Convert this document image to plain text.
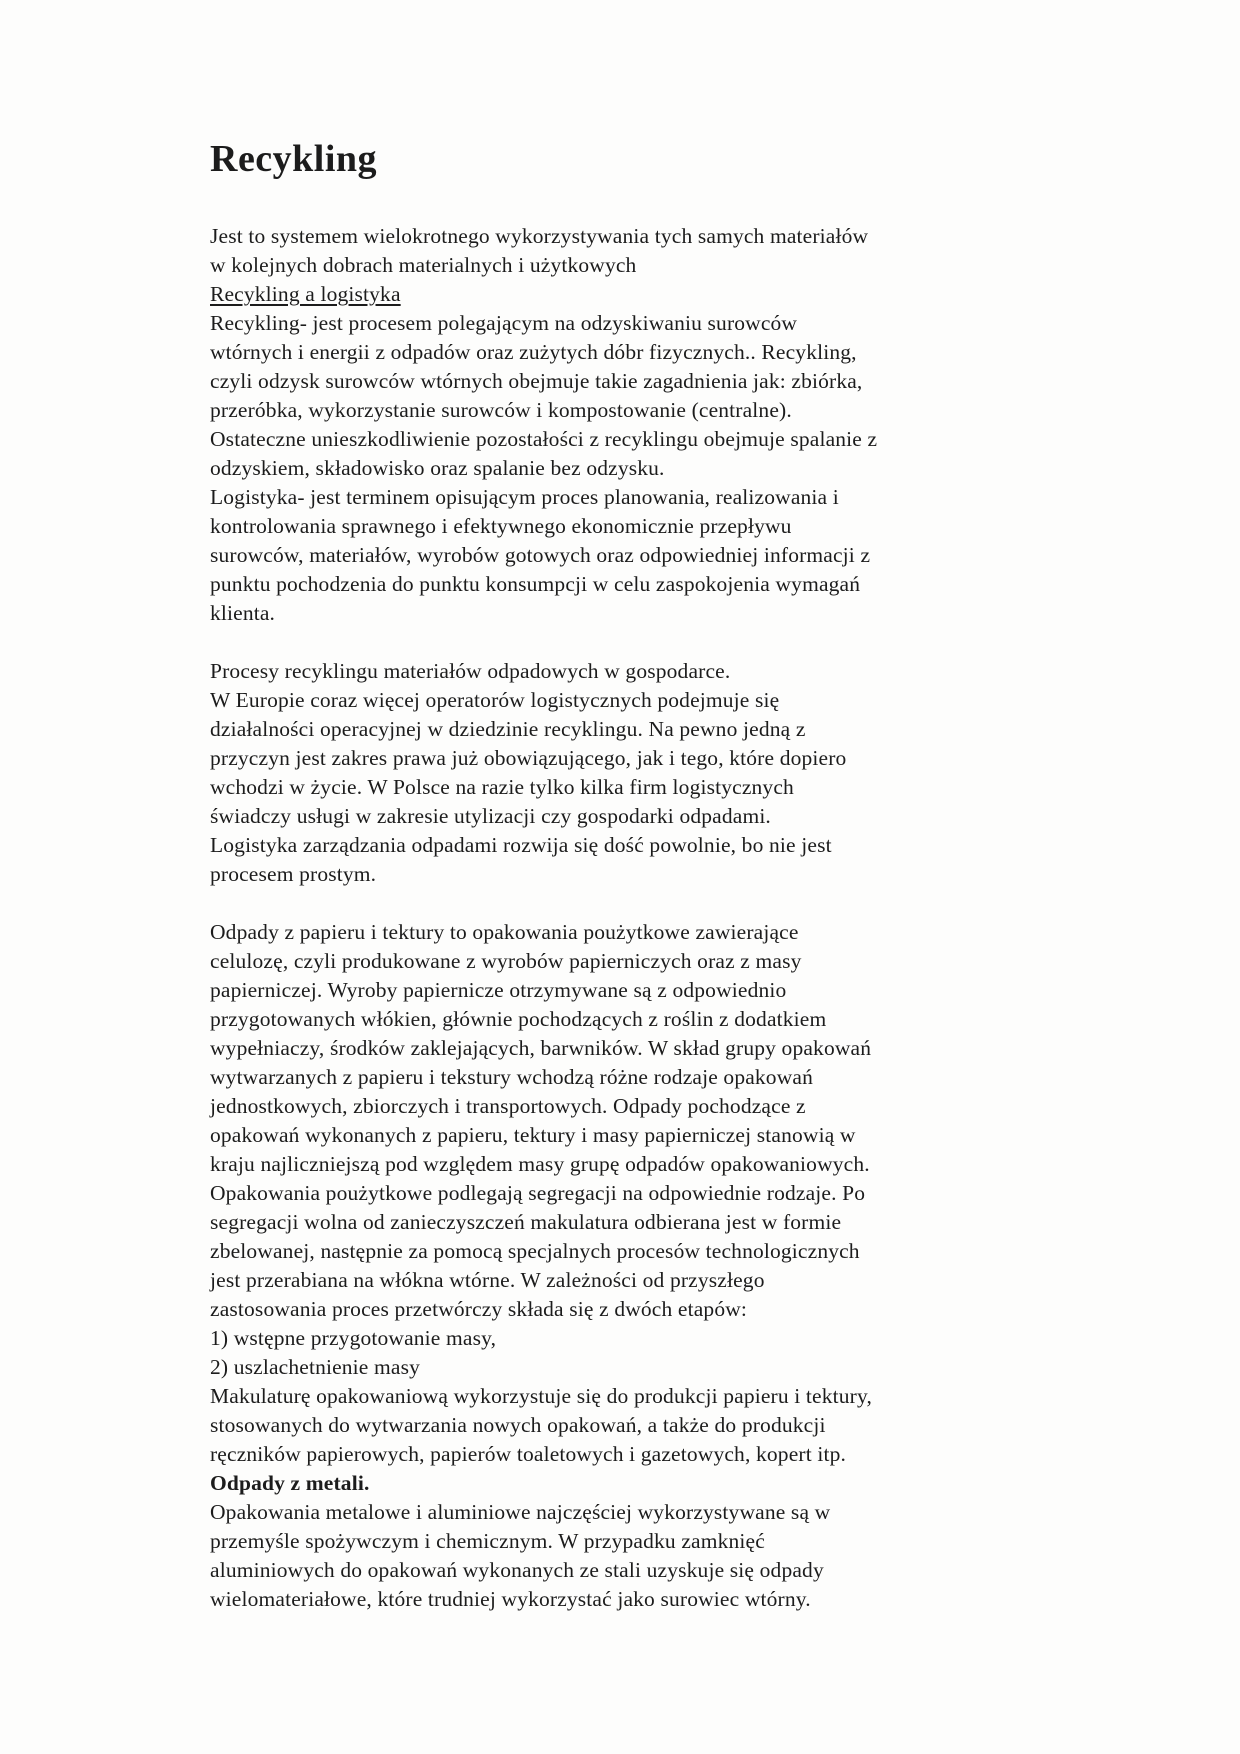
Recykling
Jest to systemem wielokrotnego wykorzystywania tych samych materiałów
w kolejnych dobrach materialnych i użytkowych
Recykling a logistyka
Recykling- jest procesem polegającym na odzyskiwaniu surowców
wtórnych i energii z odpadów oraz zużytych dóbr fizycznych.. Recykling,
czyli odzysk surowców wtórnych obejmuje takie zagadnienia jak: zbiórka,
przeróbka, wykorzystanie surowców i kompostowanie (centralne).
Ostateczne unieszkodliwienie pozostałości z recyklingu obejmuje spalanie z
odzyskiem, składowisko oraz spalanie bez odzysku.
Logistyka- jest terminem opisującym proces planowania, realizowania i
kontrolowania sprawnego i efektywnego ekonomicznie przepływu
surowców, materiałów, wyrobów gotowych oraz odpowiedniej informacji z
punktu pochodzenia do punktu konsumpcji w celu zaspokojenia wymagań
klienta.

Procesy recyklingu materiałów odpadowych w gospodarce.
W Europie coraz więcej operatorów logistycznych podejmuje się
działalności operacyjnej w dziedzinie recyklingu. Na pewno jedną z
przyczyn jest zakres prawa już obowiązującego, jak i tego, które dopiero
wchodzi w życie. W Polsce na razie tylko kilka firm logistycznych
świadczy usługi w zakresie utylizacji czy gospodarki odpadami.
Logistyka zarządzania odpadami rozwija się dość powolnie, bo nie jest
procesem prostym.

Odpady z papieru i tektury to opakowania poużytkowe zawierające
celulozę, czyli produkowane z wyrobów papierniczych oraz z masy
papierniczej. Wyroby papiernicze otrzymywane są z odpowiednio
przygotowanych włókien, głównie pochodzących z roślin z dodatkiem
wypełniaczy, środków zaklejających, barwników. W skład grupy opakowań
wytwarzanych z papieru i tekstury wchodzą różne rodzaje opakowań
jednostkowych, zbiorczych i transportowych. Odpady pochodzące z
opakowań wykonanych z papieru, tektury i masy papierniczej stanowią w
kraju najliczniejszą pod względem masy grupę odpadów opakowaniowych.
Opakowania poużytkowe podlegają segregacji na odpowiednie rodzaje. Po
segregacji wolna od zanieczyszczeń makulatura odbierana jest w formie
zbelowanej, następnie za pomocą specjalnych procesów technologicznych
jest przerabiana na włókna wtórne. W zależności od przyszłego
zastosowania proces przetwórczy składa się z dwóch etapów:
1) wstępne przygotowanie masy,
2) uszlachetnienie masy
Makulaturę opakowaniową wykorzystuje się do produkcji papieru i tektury,
stosowanych do wytwarzania nowych opakowań, a także do produkcji
ręczników papierowych, papierów toaletowych i gazetowych, kopert itp.
Odpady z metali.
Opakowania metalowe i aluminiowe najczęściej wykorzystywane są w
przemyśle spożywczym i chemicznym. W przypadku zamknięć
aluminiowych do opakowań wykonanych ze stali uzyskuje się odpady
wielomateriałowe, które trudniej wykorzystać jako surowiec wtórny.
